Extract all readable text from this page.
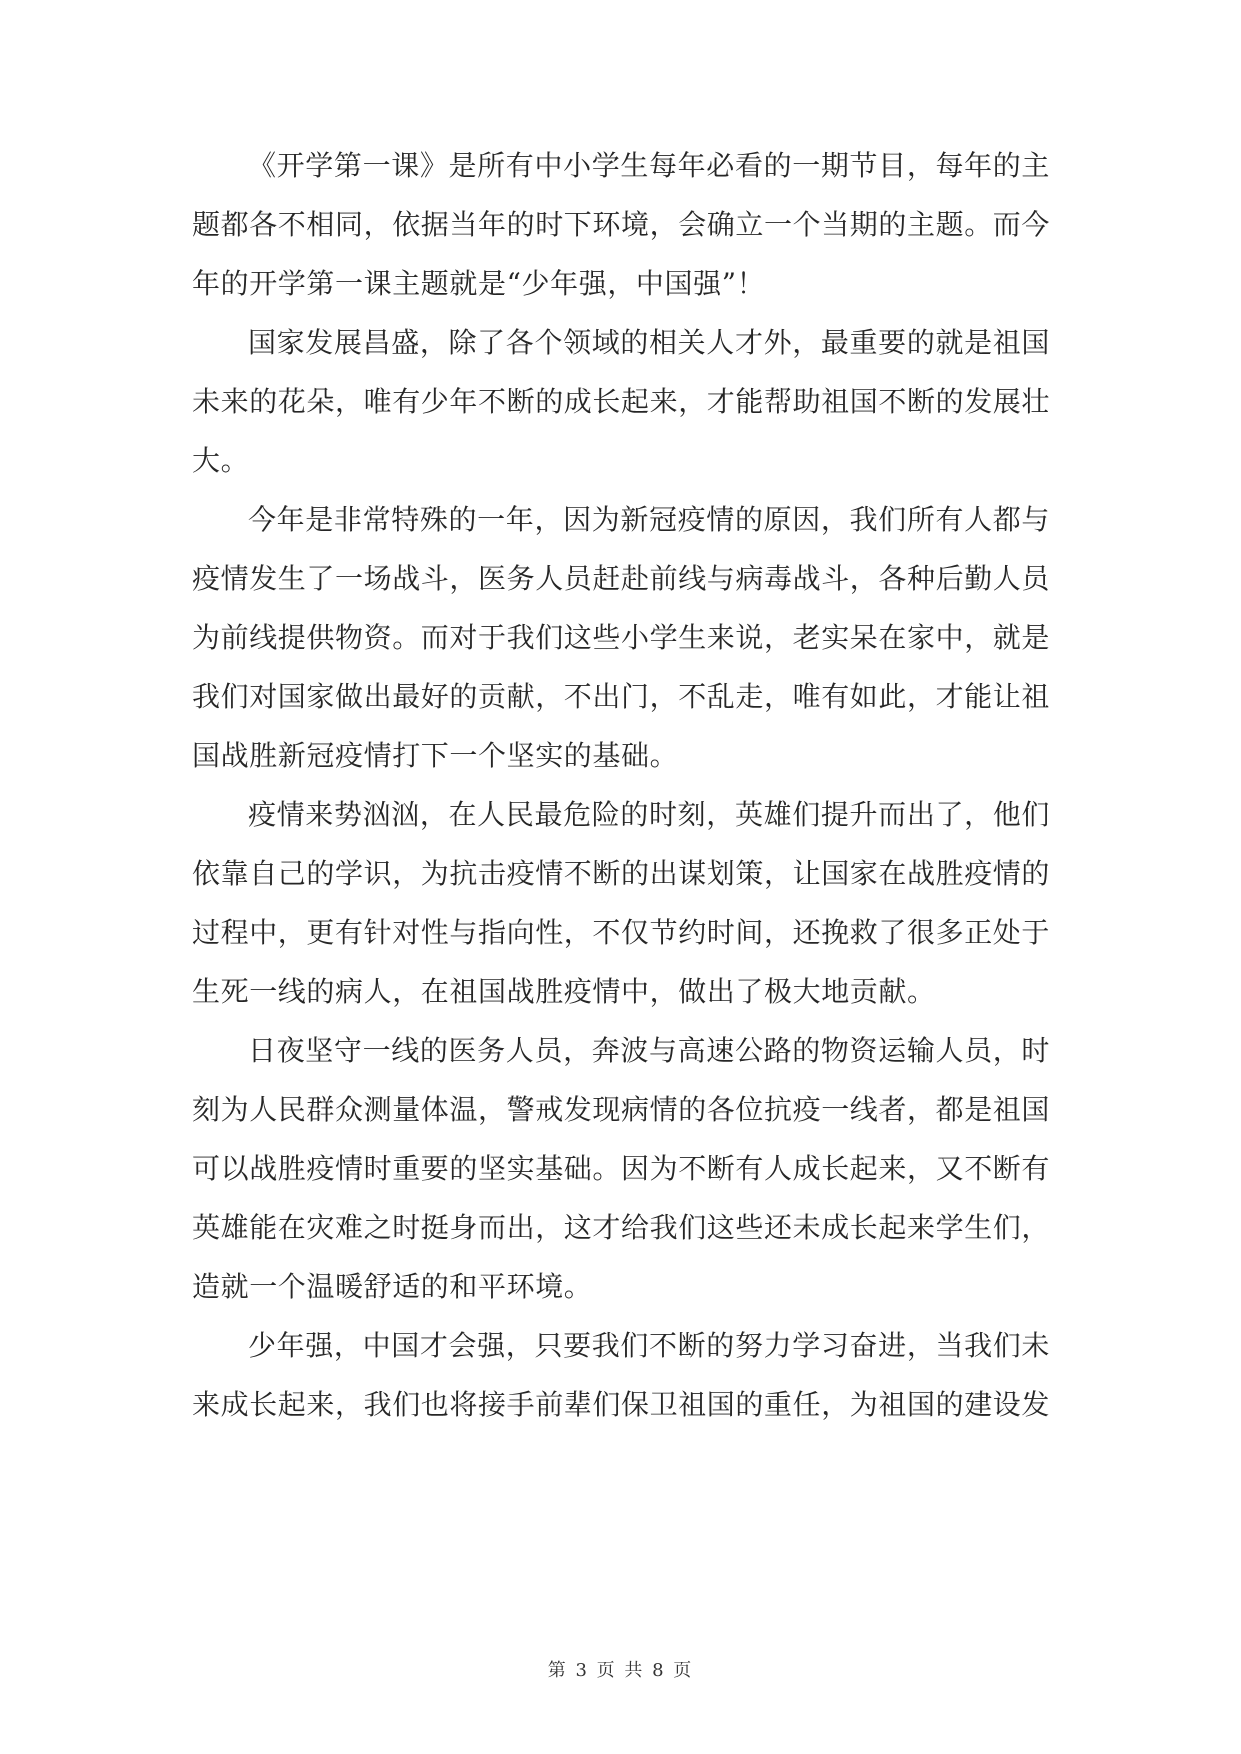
《开学第一课》是所有中小学生每年必看的一期节目，每年的主题都各不相同，依据当年的时下环境，会确立一个当期的主题。而今年的开学第一课主题就是“少年强，中国强”！

国家发展昌盛，除了各个领域的相关人才外，最重要的就是祖国未来的花朵，唯有少年不断的成长起来，才能帮助祖国不断的发展壮大。

今年是非常特殊的一年，因为新冠疫情的原因，我们所有人都与疫情发生了一场战斗，医务人员赶赴前线与病毒战斗，各种后勤人员为前线提供物资。而对于我们这些小学生来说，老实呆在家中，就是我们对国家做出最好的贡献，不出门，不乱走，唯有如此，才能让祖国战胜新冠疫情打下一个坚实的基础。

疫情来势汹汹，在人民最危险的时刻，英雄们提升而出了，他们依靠自己的学识，为抗击疫情不断的出谋划策，让国家在战胜疫情的过程中，更有针对性与指向性，不仅节约时间，还挽救了很多正处于生死一线的病人，在祖国战胜疫情中，做出了极大地贡献。

日夜坚守一线的医务人员，奔波与高速公路的物资运输人员，时刻为人民群众测量体温，警戒发现病情的各位抗疫一线者，都是祖国可以战胜疫情时重要的坚实基础。因为不断有人成长起来，又不断有英雄能在灾难之时挺身而出，这才给我们这些还未成长起来学生们，造就一个温暖舒适的和平环境。

少年强，中国才会强，只要我们不断的努力学习奋进，当我们未来成长起来，我们也将接手前辈们保卫祖国的重任，为祖国的建设发

第 3 页 共 8 页
